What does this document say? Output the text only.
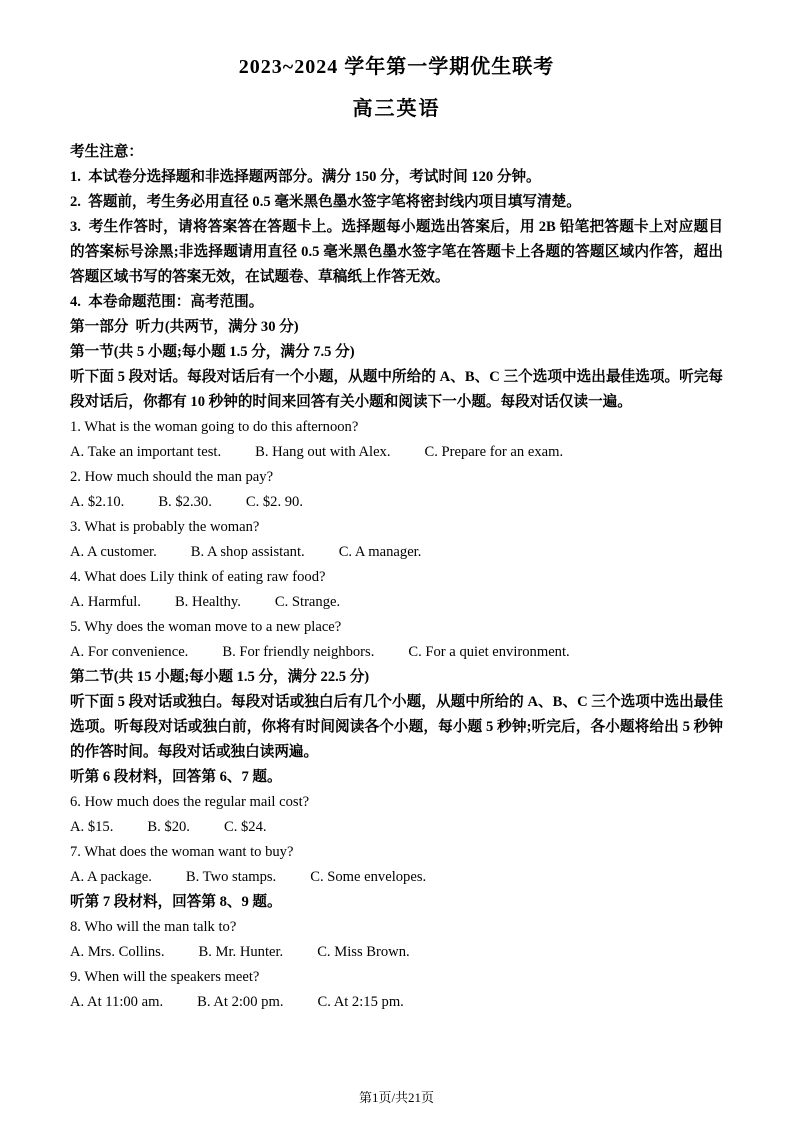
2023~2024 学年第一学期优生联考
高三英语
考生注意：
1.  本试卷分选择题和非选择题两部分。满分 150 分，考试时间 120 分钟。
2.  答题前，考生务必用直径 0.5 毫米黑色墨水签字笔将密封线内项目填写清楚。
3.  考生作答时，请将答案答在答题卡上。选择题每小题选出答案后，用 2B 铅笔把答题卡上对应题目的答案标号涂黑;非选择题请用直径 0.5 毫米黑色墨水签字笔在答题卡上各题的答题区域内作答，超出答题区域书写的答案无效，在试题卷、草稿纸上作答无效。
4.  本卷命题范围：高考范围。
第一部分  听力(共两节，满分 30 分)
第一节(共 5 小题;每小题 1.5 分，满分 7.5 分)
听下面 5 段对话。每段对话后有一个小题，从题中所给的 A、B、C 三个选项中选出最佳选项。听完每段对话后，你都有 10 秒钟的时间来回答有关小题和阅读下一小题。每段对话仅读一遍。
1. What is the woman going to do this afternoon?
A. Take an important test. B. Hang out with Alex. C. Prepare for an exam.
2. How much should the man pay?
A. $2.10. B. $2.30. C. $2. 90.
3. What is probably the woman?
A. A customer. B. A shop assistant. C. A manager.
4. What does Lily think of eating raw food?
A. Harmful. B. Healthy. C. Strange.
5. Why does the woman move to a new place?
A. For convenience. B. For friendly neighbors. C. For a quiet environment.
第二节(共 15 小题;每小题 1.5 分，满分 22.5 分)
听下面 5 段对话或独白。每段对话或独白后有几个小题，从题中所给的 A、B、C 三个选项中选出最佳选项。听每段对话或独白前，你将有时间阅读各个小题，每小题 5 秒钟;听完后，各小题将给出 5 秒钟的作答时间。每段对话或独白读两遍。
听第 6 段材料，回答第 6、7 题。
6. How much does the regular mail cost?
A. $15. B. $20. C. $24.
7. What does the woman want to buy?
A. A package. B. Two stamps. C. Some envelopes.
听第 7 段材料，回答第 8、9 题。
8. Who will the man talk to?
A. Mrs. Collins. B. Mr. Hunter. C. Miss Brown.
9. When will the speakers meet?
A. At 11:00 am. B. At 2:00 pm. C. At 2:15 pm.
第1页/共21页
